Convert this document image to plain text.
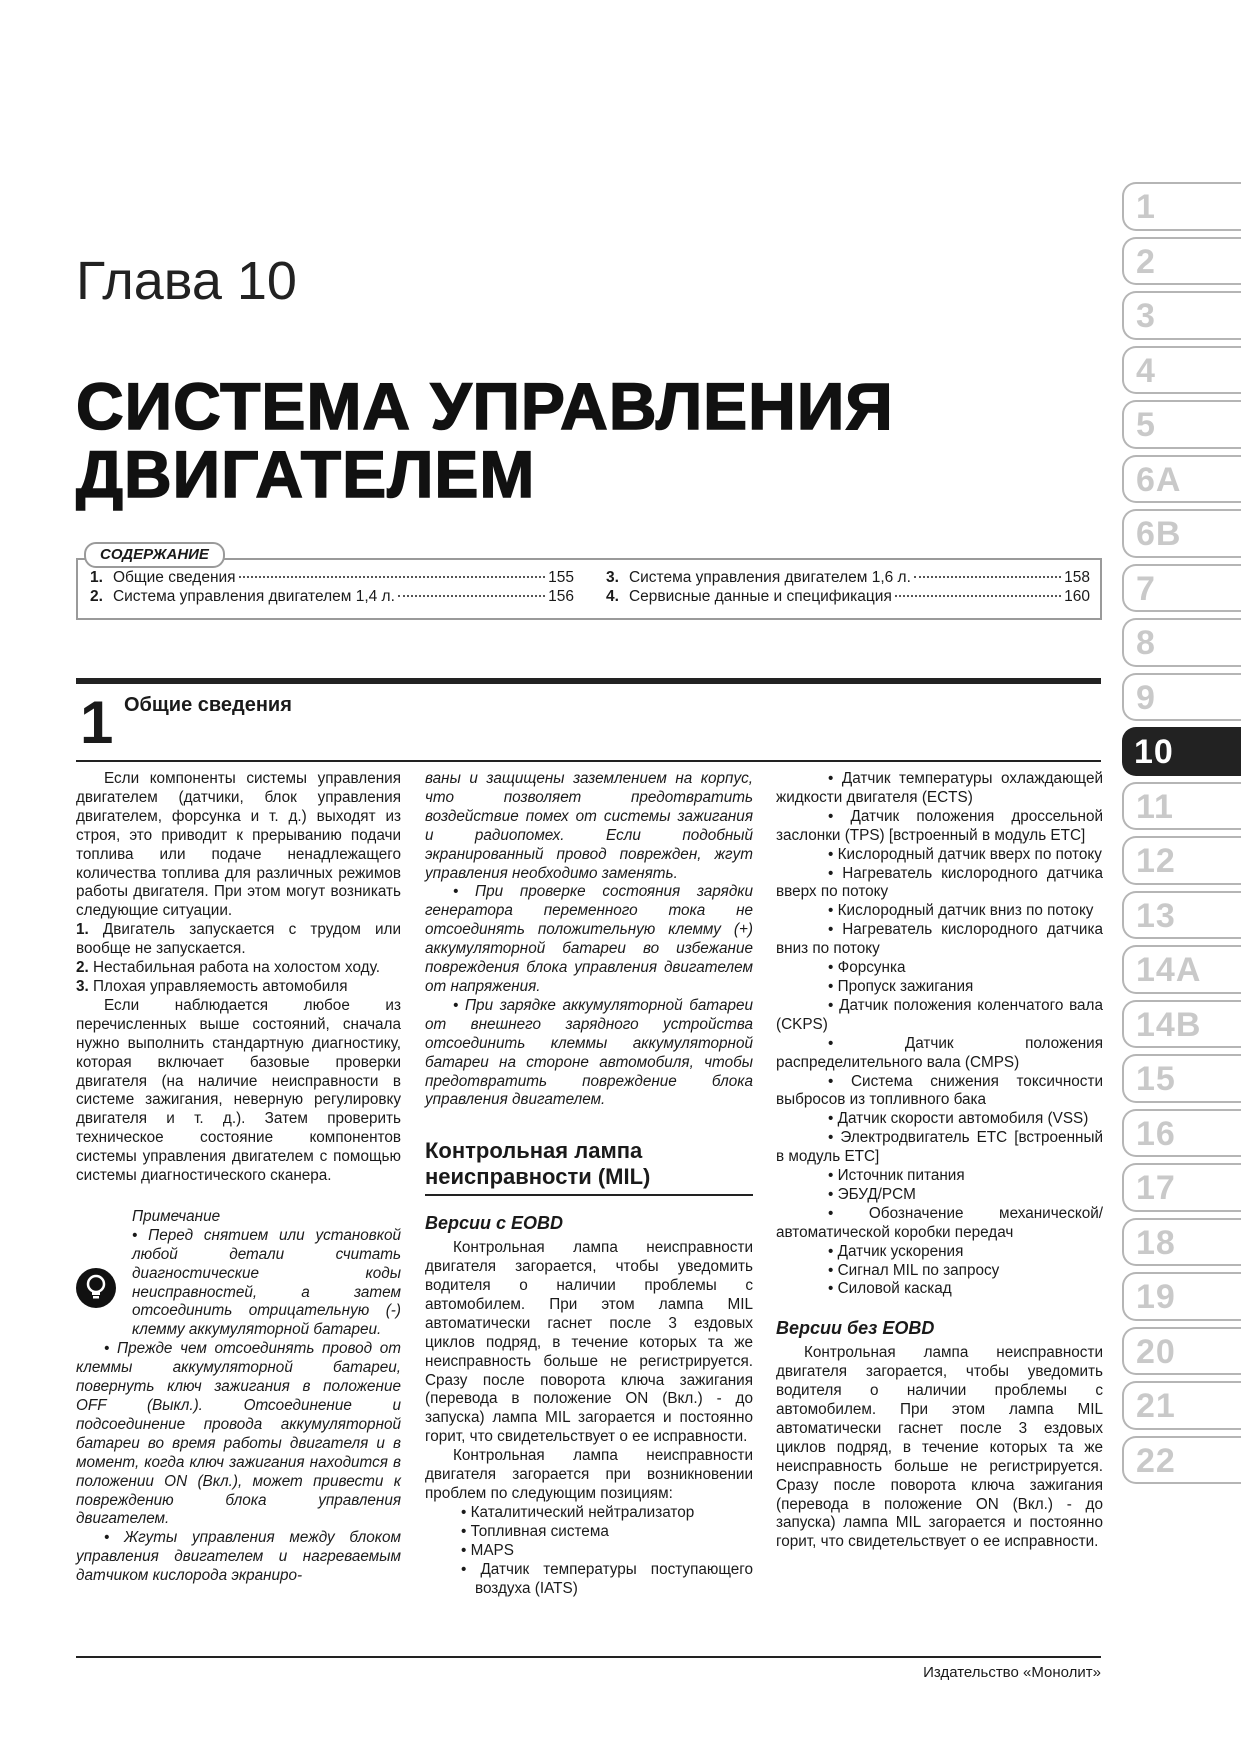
1
2
3
4
5
6A
6B
7
8
9
10
11
12
13
14A
14B
15
16
17
18
19
20
21
22
Глава 10
СИСТЕМА УПРАВЛЕНИЯ
ДВИГАТЕЛЕМ
СОДЕРЖАНИЕ
1. Общие сведения	155
2. Система управления двигателем 1,4 л.	156
3. Система управления двигателем 1,6 л.	158
4. Сервисные данные и спецификация	160
1 Общие сведения

Если компоненты системы управления двигателем (датчики, блок управления двигателем, форсунка и т. д.) выходят из строя, это приводит к прерыванию подачи топлива или подаче ненадлежащего количества топлива для различных режимов работы двигателя. При этом могут возникать следующие ситуации.

1. Двигатель запускается с трудом или вообще не запускается.

2. Нестабильная работа на холостом ходу.

3. Плохая управляемость автомобиля

Если наблюдается любое из перечисленных выше состояний, сначала нужно выполнить стандартную диагностику, которая включает базовые проверки двигателя (на наличие неисправности в системе зажигания, неверную регулировку двигателя и т. д.). Затем проверить техническое состояние компонентов системы управления двигателем с помощью системы диагностического сканера.

Примечание

• Перед снятием или установкой любой детали считать диагностические коды неисправностей, а затем отсоединить отрицательную (-) клемму аккумуляторной батареи.

• Прежде чем отсоединять провод от клеммы аккумуляторной батареи, повернуть ключ зажигания в положение OFF (Выкл.). Отсоединение и подсоединение провода аккумуляторной батареи во время работы двигателя и в момент, когда ключ зажигания находится в положении ON (Вкл.), может привести к повреждению блока управления двигателем.

• Жгуты управления между блоком управления двигателем и нагреваемым датчиком кислорода экраниро-

ваны и защищены заземлением на корпус, что позволяет предотвратить воздействие помех от системы зажигания и радиопомех. Если подобный экранированный провод поврежден, жгут управления необходимо заменять.

• При проверке состояния зарядки генератора переменного тока не отсоединять положительную клемму (+) аккумуляторной батареи во избежание повреждения блока управления двигателем от напряжения.

• При зарядке аккумуляторной батареи от внешнего зарядного устройства отсоединить клеммы аккумуляторной батареи на стороне автомобиля, чтобы предотвратить повреждение блока управления двигателем.

Контрольная лампа неисправности (MIL)
Версии с EOBD

Контрольная лампа неисправности двигателя загорается, чтобы уведомить водителя о наличии проблемы с автомобилем. При этом лампа MIL автоматически гаснет после 3 ездовых циклов подряд, в течение которых та же неисправность больше не регистрируется. Сразу после поворота ключа зажигания (перевода в положение ON (Вкл.) - до запуска) лампа MIL загорается и постоянно горит, что свидетельствует о ее исправности.

Контрольная лампа неисправности двигателя загорается при возникновении проблем по следующим позициям:

• Каталитический нейтрализатор

• Топливная система

• MAPS

• Датчик температуры поступающего воздуха (IATS)

• Датчик температуры охлаждающей жидкости двигателя (ECTS)

• Датчик положения дроссельной заслонки (TPS) [встроенный в модуль ETC]

• Кислородный датчик вверх по потоку

• Нагреватель кислородного датчика вверх по потоку

• Кислородный датчик вниз по потоку

• Нагреватель кислородного датчика вниз по потоку

• Форсунка

• Пропуск зажигания

• Датчик положения коленчатого вала (CKPS)

• Датчик положения распределительного вала (CMPS)

• Система снижения токсичности выбросов из топливного бака

• Датчик скорости автомобиля (VSS)

• Электродвигатель ETC [встроенный в модуль ETC]

• Источник питания

• ЭБУД/PCM

• Обозначение механической/автоматической коробки передач

• Датчик ускорения

• Сигнал MIL по запросу

• Силовой каскад

Версии без EOBD

Контрольная лампа неисправности двигателя загорается, чтобы уведомить водителя о наличии проблемы с автомобилем. При этом лампа MIL автоматически гаснет после 3 ездовых циклов подряд, в течение которых та же неисправность больше не регистрируется. Сразу после поворота ключа зажигания (перевода в положение ON (Вкл.) - до запуска) лампа MIL загорается и постоянно горит, что свидетельствует о ее исправности.

Издательство «Монолит»
